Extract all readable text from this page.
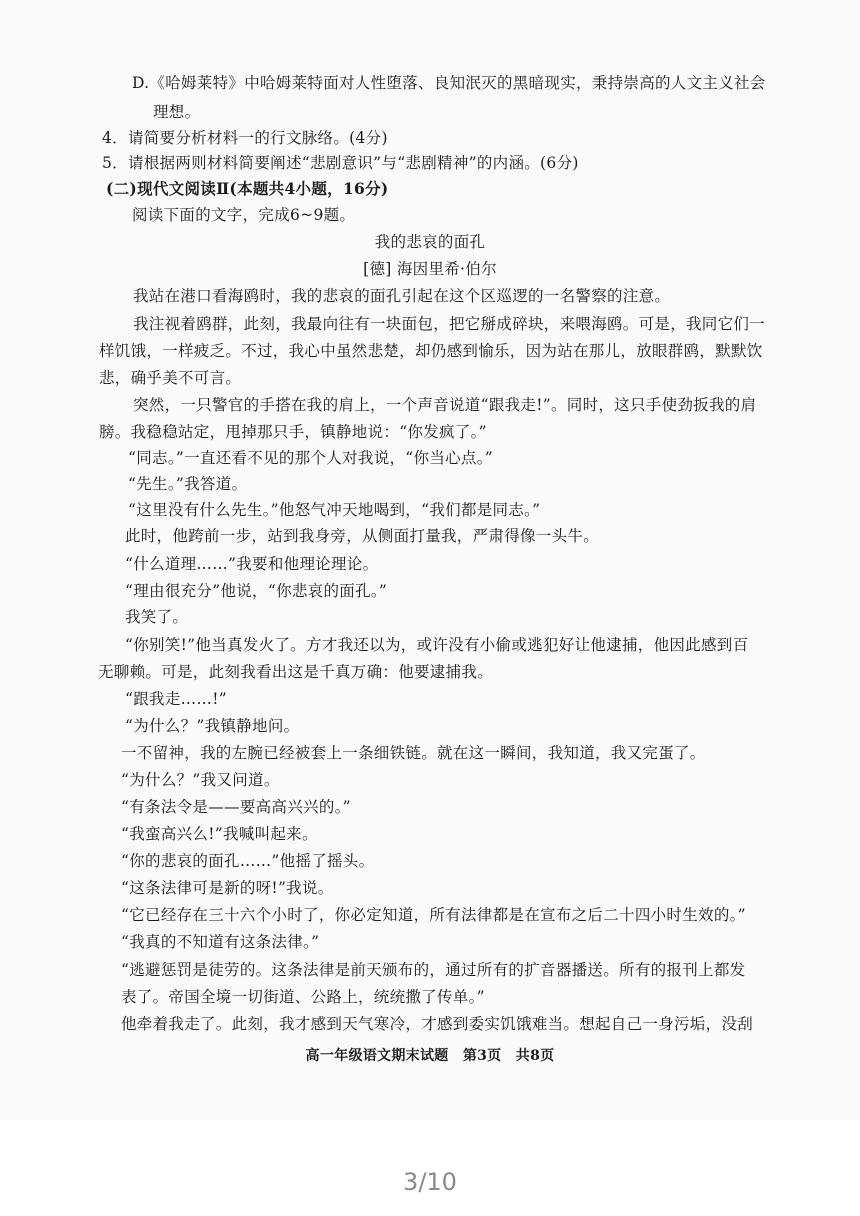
D.《哈姆莱特》中哈姆莱特面对人性堕落、良知泯灭的黑暗现实，秉持崇高的人文主义社会
理想。
4．请简要分析材料一的行文脉络。(4分)
5．请根据两则材料简要阐述“悲剧意识”与“悲剧精神”的内涵。(6分)
(二)现代文阅读Ⅱ(本题共4小题，16分)
阅读下面的文字，完成6~9题。
我的悲哀的面孔
[德] 海因里希·伯尔
我站在港口看海鸥时，我的悲哀的面孔引起在这个区巡逻的一名警察的注意。
我注视着鸥群，此刻，我最向往有一块面包，把它掰成碎块，来喂海鸥。可是，我同它们一
样饥饿，一样疲乏。不过，我心中虽然悲楚，却仍感到愉乐，因为站在那儿，放眼群鸥，默默饮
悲，确乎美不可言。
突然，一只警官的手搭在我的肩上，一个声音说道“跟我走!”。同时，这只手使劲扳我的肩
膀。我稳稳站定，甩掉那只手，镇静地说：“你发疯了。”
“同志。”一直还看不见的那个人对我说，“你当心点。”
“先生。”我答道。
“这里没有什么先生。”他怒气冲天地喝到，“我们都是同志。”
此时，他跨前一步，站到我身旁，从侧面打量我，严肃得像一头牛。
“什么道理……”我要和他理论理论。
“理由很充分”他说，“你悲哀的面孔。”
我笑了。
“你别笑!”他当真发火了。方才我还以为，或许没有小偷或逃犯好让他逮捕，他因此感到百
无聊赖。可是，此刻我看出这是千真万确：他要逮捕我。
“跟我走……!”
“为什么？”我镇静地问。
一不留神，我的左腕已经被套上一条细铁链。就在这一瞬间，我知道，我又完蛋了。
“为什么？”我又问道。
“有条法令是——要高高兴兴的。”
“我蛮高兴么!”我喊叫起来。
“你的悲哀的面孔……”他摇了摇头。
“这条法律可是新的呀!”我说。
“它已经存在三十六个小时了，你必定知道，所有法律都是在宣布之后二十四小时生效的。”
“我真的不知道有这条法律。”
“逃避惩罚是徒劳的。这条法律是前天颁布的，通过所有的扩音器播送。所有的报刊上都发
表了。帝国全境一切街道、公路上，统统撒了传单。”
他牵着我走了。此刻，我才感到天气寒冷，才感到委实饥饿难当。想起自己一身污垢，没刮
高一年级语文期末试题　第3页　共8页
3/10
